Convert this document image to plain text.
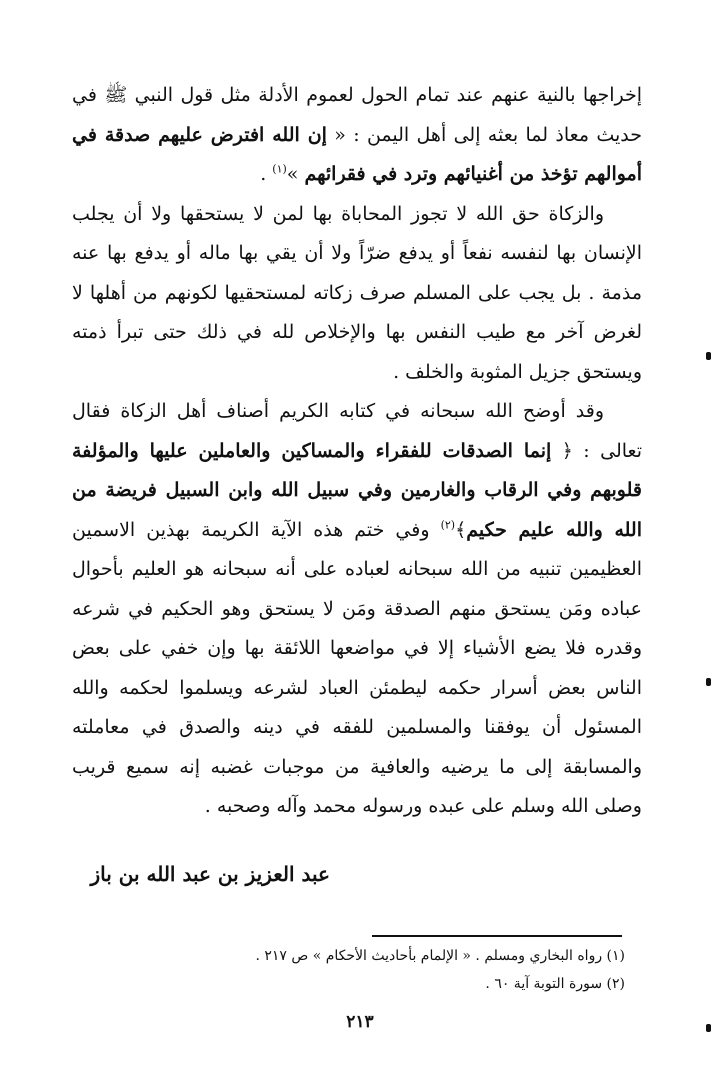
إخراجها بالنية عنهم عند تمام الحول لعموم الأدلة مثل قول النبي ﷺ في حديث معاذ لما بعثه إلى أهل اليمن : « إن الله افترض عليهم صدقة في أموالهم تؤخذ من أغنيائهم وترد في فقرائهم »$^{(١)}$ .

والزكاة حق الله لا تجوز المحاباة بها لمن لا يستحقها ولا أن يجلب الإنسان بها لنفسه نفعاً أو يدفع ضرّاً ولا أن يقي بها ماله أو يدفع بها عنه مذمة . بل يجب على المسلم صرف زكاته لمستحقيها لكونهم من أهلها لا لغرض آخر مع طيب النفس بها والإخلاص لله في ذلك حتى تبرأ ذمته ويستحق جزيل المثوبة والخلف .

وقد أوضح الله سبحانه في كتابه الكريم أصناف أهل الزكاة فقال تعالى : ﴿ إنما الصدقات للفقراء والمساكين والعاملين عليها والمؤلفة قلوبهم وفي الرقاب والغارمين وفي سبيل الله وابن السبيل فريضة من الله والله عليم حكيم﴾$^{(٢)}$ وفي ختم هذه الآية الكريمة بهذين الاسمين العظيمين تنبيه من الله سبحانه لعباده على أنه سبحانه هو العليم بأحوال عباده ومَن يستحق منهم الصدقة ومَن لا يستحق وهو الحكيم في شرعه وقدره فلا يضع الأشياء إلا في مواضعها اللائقة بها وإن خفي على بعض الناس بعض أسرار حكمه ليطمئن العباد لشرعه ويسلموا لحكمه والله المسئول أن يوفقنا والمسلمين للفقه في دينه والصدق في معاملته والمسابقة إلى ما يرضيه والعافية من موجبات غضبه إنه سميع قريب وصلى الله وسلم على عبده ورسوله محمد وآله وصحبه .

عبد العزيز بن عبد الله بن باز
(١) رواه البخاري ومسلم . « الإلمام بأحاديث الأحكام » ص ٢١٧ .
(٢) سورة التوبة آية ٦٠ .
٢١٣
